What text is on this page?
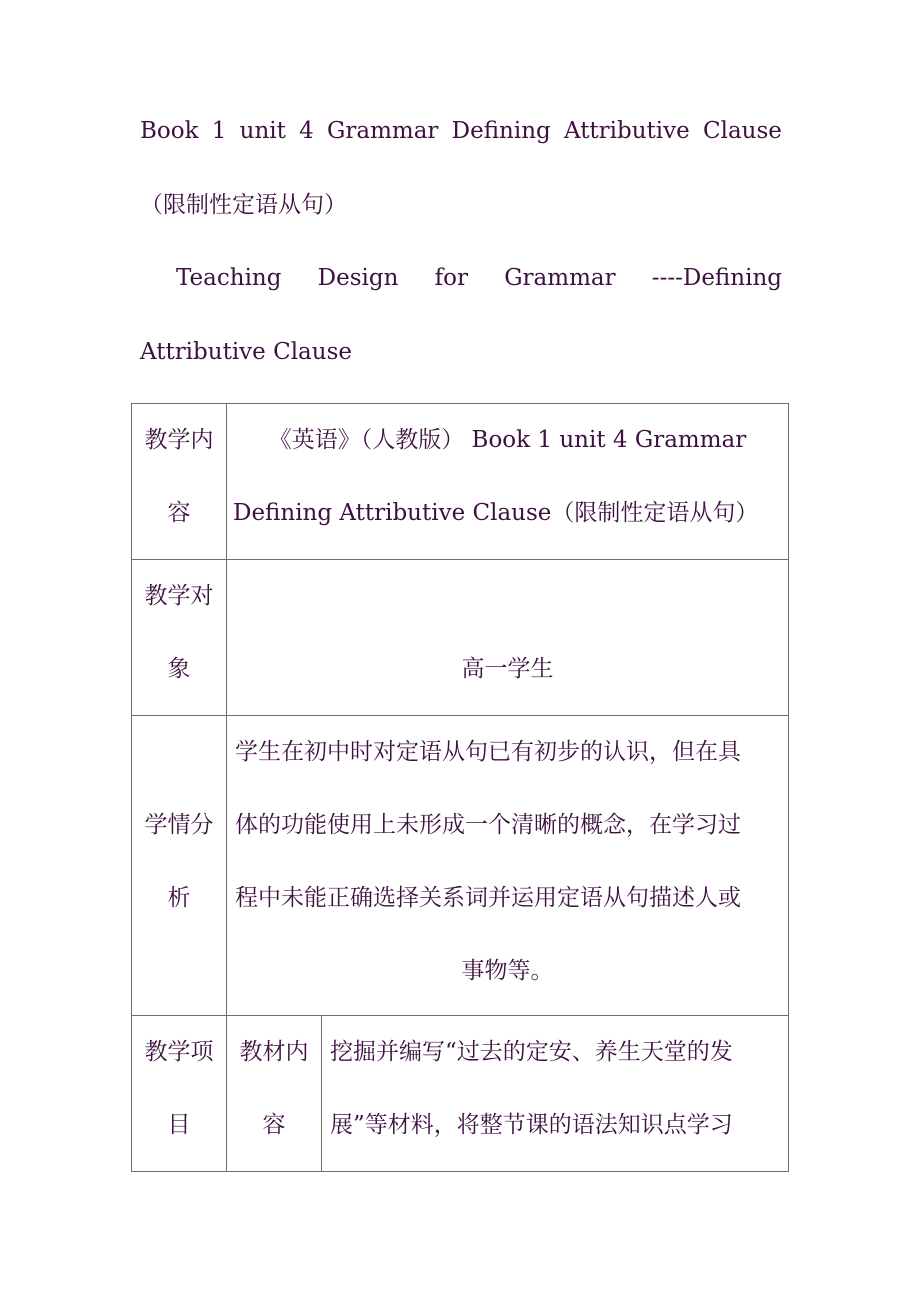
Book 1 unit 4 Grammar Defining Attributive Clause
（限制性定语从句）
Teaching Design for Grammar ----Defining
Attributive Clause
教学内
容	《英语》（人教版） Book 1 unit 4 Grammar
Defining Attributive Clause（限制性定语从句）	

教学对
象	高一学生	

学情分
析	学生在初中时对定语从句已有初步的认识，但在具
体的功能使用上未形成一个清晰的概念，在学习过
程中未能正确选择关系词并运用定语从句描述人或
事物等。	

教学项
目	教材内
容	挖掘并编写“过去的定安、养生天堂的发
展”等材料，将整节课的语法知识点学习
